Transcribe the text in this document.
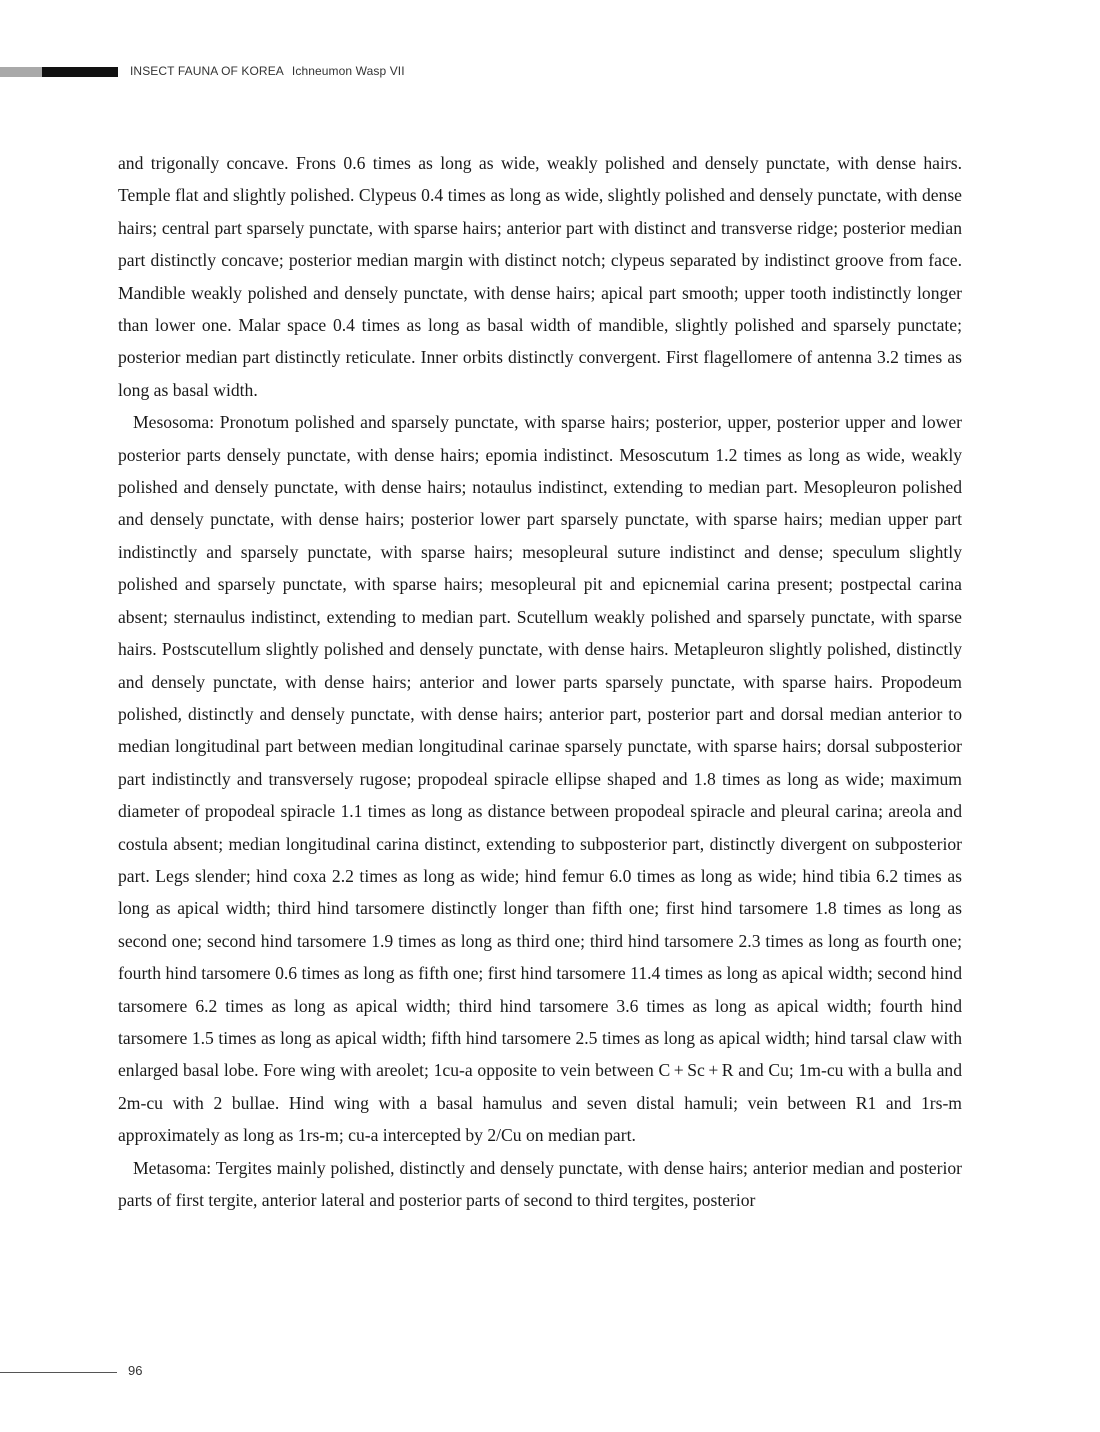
INSECT FAUNA OF KOREA Ichneumon Wasp VII

and trigonally concave. Frons 0.6 times as long as wide, weakly polished and densely punctate, with dense hairs. Temple flat and slightly polished. Clypeus 0.4 times as long as wide, slightly polished and densely punctate, with dense hairs; central part sparsely punctate, with sparse hairs; anterior part with distinct and transverse ridge; posterior median part distinctly concave; posterior median margin with distinct notch; clypeus separated by indistinct groove from face. Mandible weakly polished and densely punctate, with dense hairs; apical part smooth; upper tooth indistinctly longer than lower one. Malar space 0.4 times as long as basal width of mandible, slightly polished and sparsely punctate; posterior median part distinctly reticulate. Inner orbits distinctly convergent. First flagellomere of antenna 3.2 times as long as basal width.

Mesosoma: Pronotum polished and sparsely punctate, with sparse hairs; posterior, upper, posterior upper and lower posterior parts densely punctate, with dense hairs; epomia indistinct. Mesoscutum 1.2 times as long as wide, weakly polished and densely punctate, with dense hairs; notaulus indistinct, extending to median part. Mesopleuron polished and densely punctate, with dense hairs; posterior lower part sparsely punctate, with sparse hairs; median upper part indistinctly and sparsely punctate, with sparse hairs; mesopleural suture indistinct and dense; speculum slightly polished and sparsely punctate, with sparse hairs; mesopleural pit and epicnemial carina present; postpectal carina absent; sternaulus indistinct, extending to median part. Scutellum weakly polished and sparsely punctate, with sparse hairs. Postscutellum slightly polished and densely punctate, with dense hairs. Metapleuron slightly polished, distinctly and densely punctate, with dense hairs; anterior and lower parts sparsely punctate, with sparse hairs. Propodeum polished, distinctly and densely punctate, with dense hairs; anterior part, posterior part and dorsal median anterior to median longitudinal part between median longitudinal carinae sparsely punctate, with sparse hairs; dorsal subposterior part indistinctly and transversely rugose; propodeal spiracle ellipse shaped and 1.8 times as long as wide; maximum diameter of propodeal spiracle 1.1 times as long as distance between propodeal spiracle and pleural carina; areola and costula absent; median longitudinal carina distinct, extending to subposterior part, distinctly divergent on subposterior part. Legs slender; hind coxa 2.2 times as long as wide; hind femur 6.0 times as long as wide; hind tibia 6.2 times as long as apical width; third hind tarsomere distinctly longer than fifth one; first hind tarsomere 1.8 times as long as second one; second hind tarsomere 1.9 times as long as third one; third hind tarsomere 2.3 times as long as fourth one; fourth hind tarsomere 0.6 times as long as fifth one; first hind tarsomere 11.4 times as long as apical width; second hind tarsomere 6.2 times as long as apical width; third hind tarsomere 3.6 times as long as apical width; fourth hind tarsomere 1.5 times as long as apical width; fifth hind tarsomere 2.5 times as long as apical width; hind tarsal claw with enlarged basal lobe. Fore wing with areolet; 1cu-a opposite to vein between C + Sc + R and Cu; 1m-cu with a bulla and 2m-cu with 2 bullae. Hind wing with a basal hamulus and seven distal hamuli; vein between R1 and 1rs-m approximately as long as 1rs-m; cu-a intercepted by 2/Cu on median part.

Metasoma: Tergites mainly polished, distinctly and densely punctate, with dense hairs; anterior median and posterior parts of first tergite, anterior lateral and posterior parts of second to third tergites, posterior

96
